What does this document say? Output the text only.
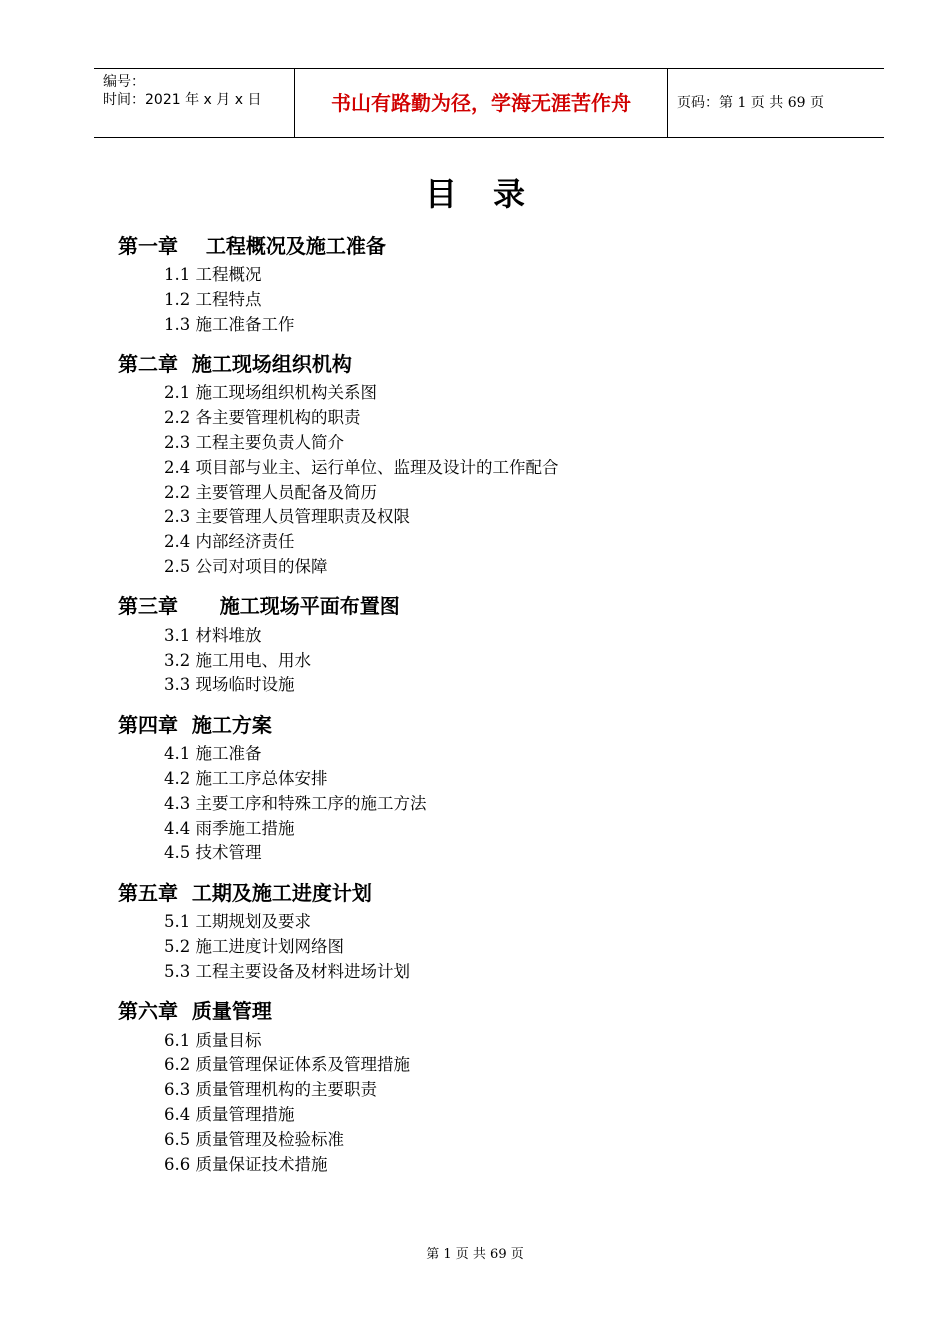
编号：
时间：2021 年 x 月 x 日	书山有路勤为径，学海无涯苦作舟	页码：第 1 页 共 69 页
目录
第一章    工程概况及施工准备
1.1 工程概况
1.2 工程特点
1.3 施工准备工作
第二章  施工现场组织机构
2.1 施工现场组织机构关系图
2.2 各主要管理机构的职责
2.3 工程主要负责人简介
2.4 项目部与业主、运行单位、监理及设计的工作配合
2.2 主要管理人员配备及简历
2.3 主要管理人员管理职责及权限
2.4 内部经济责任
2.5 公司对项目的保障
第三章      施工现场平面布置图
3.1 材料堆放
3.2 施工用电、用水
3.3 现场临时设施
第四章  施工方案
4.1 施工准备
4.2 施工工序总体安排
4.3 主要工序和特殊工序的施工方法
4.4 雨季施工措施
4.5 技术管理
第五章  工期及施工进度计划
5.1 工期规划及要求
5.2 施工进度计划网络图
5.3 工程主要设备及材料进场计划
第六章  质量管理
6.1 质量目标
6.2 质量管理保证体系及管理措施
6.3 质量管理机构的主要职责
6.4 质量管理措施
6.5 质量管理及检验标准
6.6 质量保证技术措施
第 1 页 共 69 页
